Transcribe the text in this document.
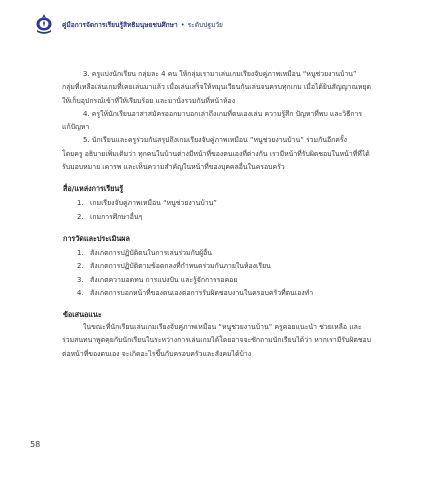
คู่มือการจัดการเรียนรู้สิทธิมนุษยชนศึกษา • ระดับปฐมวัย

3. ครูแบ่งนักเรียน กลุ่มละ 4 คน ให้กลุ่มเรามาเล่นเกมเรียงจับคู่ภาพเหมือน “หนูช่วยงานบ้าน”
กลุ่มที่เหลือเล่นเกมที่เคยเล่นมาแล้ว เมื่อเล่นเสร็จให้หมุนเวียนกันเล่นจนครบทุกเกม เมื่อได้ยินสัญญาณหยุด
ให้เก็บอุปกรณ์เข้าที่ให้เรียบร้อย และมานั่งรวมกันที่หน้าห้อง

4. ครูให้นักเรียนอาสาสมัครออกมาบอกเล่าถึงเกมที่ตนเองเล่น ความรู้สึก ปัญหาที่พบ และวิธีการ
แก้ปัญหา

5. นักเรียนและครูร่วมกันสรุปถึงเกมเรียงจับคู่ภาพเหมือน “หนูช่วยงานบ้าน” ร่วมกันอีกครั้ง
โดยครู อธิบายเพิ่มเติมว่า ทุกคนในบ้านต่างมีหน้าที่ของตนเองที่ต่างกัน เรามีหน้าที่รับผิดชอบในหน้าที่ที่ได้
รับมอบหมาย เคารพ และเห็นความสำคัญในหน้าที่ของบุคคลอื่นในครอบครัว

สื่อ/แหล่งการเรียนรู้
1. เกมเรียงจับคู่ภาพเหมือน “หนูช่วยงานบ้าน”
2. เกมการศึกษาอื่นๆ
การวัดและประเมินผล
1. สังเกตการปฏิบัติตนในการเล่นร่วมกับผู้อื่น
2. สังเกตการปฏิบัติตามข้อตกลงที่กำหนดร่วมกันภายในห้องเรียน
3. สังเกตความอดทน การแบ่งปัน และรู้จักการรอคอย
4. สังเกตการบอกหน้าที่ของตนเองต่อการรับผิดชอบงานในครอบครัวที่ตนเองทำ
ข้อเสนอแนะ

ในขณะที่นักเรียนเล่นเกมเรียงจับคู่ภาพเหมือน “หนูช่วยงานบ้าน” ครูคอยแนะนำ ช่วยเหลือ และ
ร่วมสนทนาพูดคุยกับนักเรียนในระหว่างการเล่นเกมได้โดยอาจจะซักถามนักเรียนได้ว่า หากเรามีรับผิดชอบ
ต่อหน้าที่ของตนเอง จะเกิดอะไรขึ้นกับครอบครัวและสังคมได้บ้าง

58
